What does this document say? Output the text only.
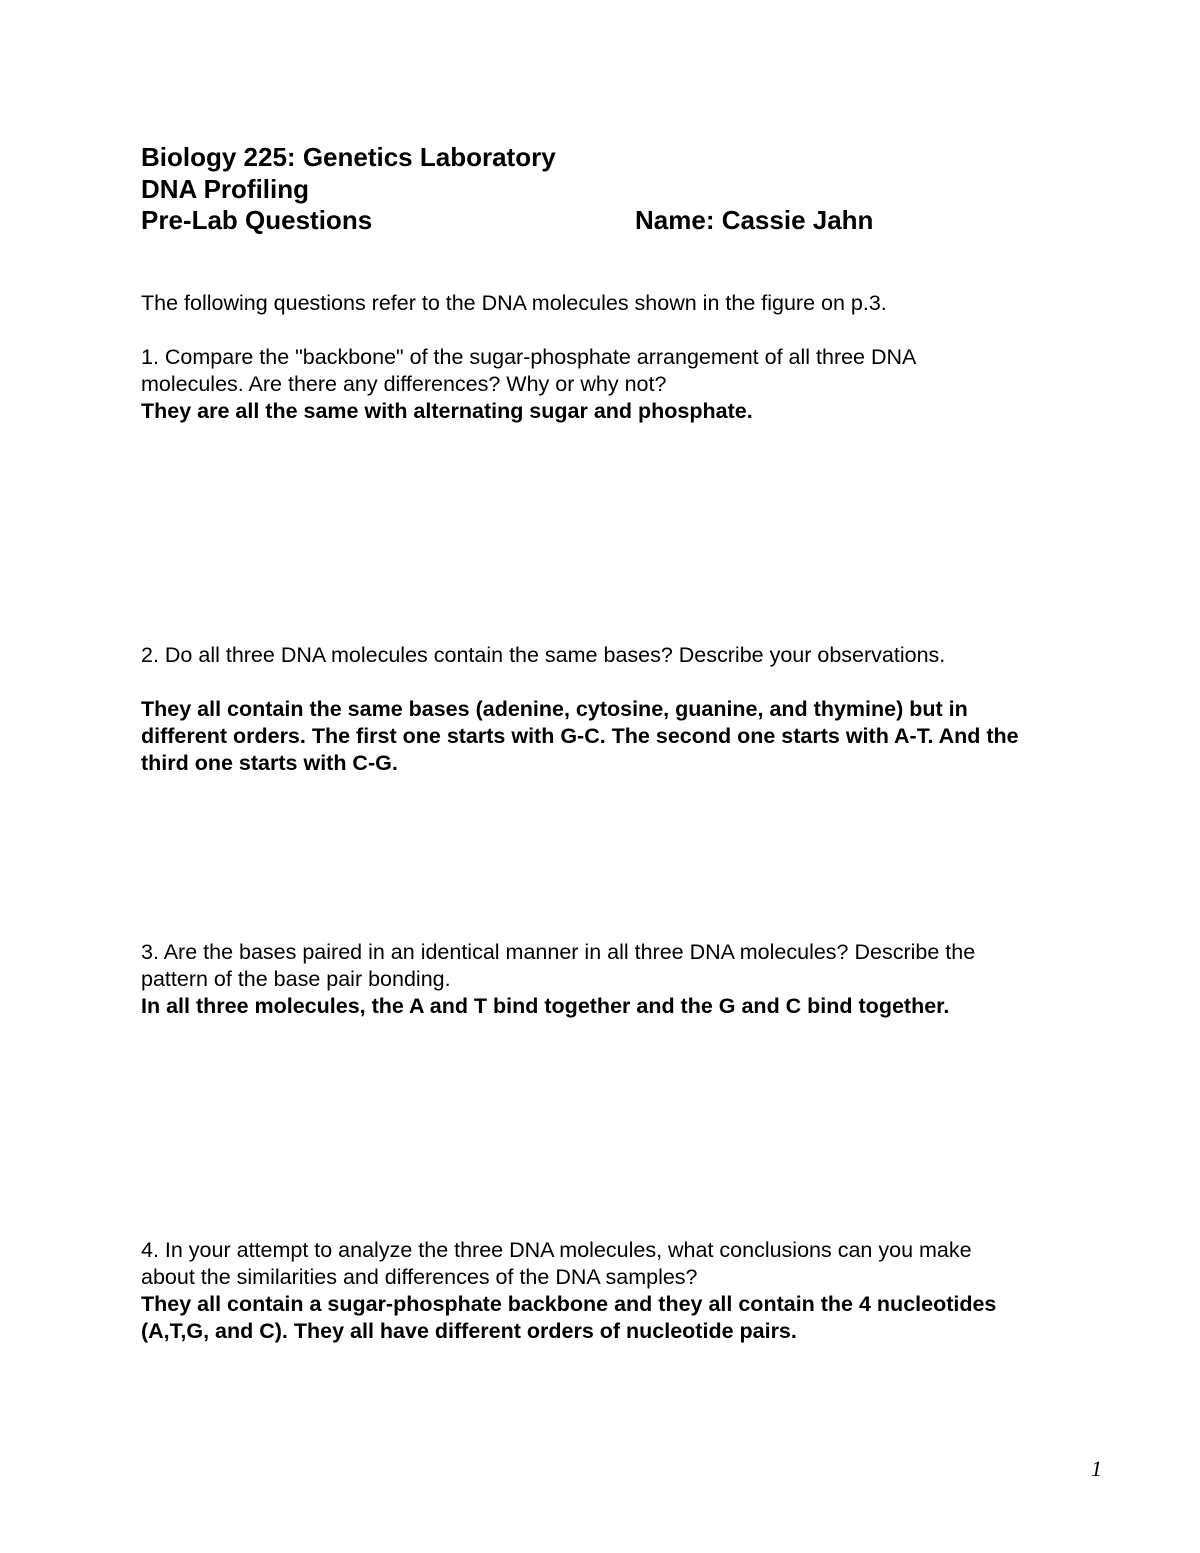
Biology 225: Genetics Laboratory
DNA Profiling
Pre-Lab Questions	Name: Cassie Jahn

The following questions refer to the DNA molecules shown in the figure on p.3.

1. Compare the "backbone" of the sugar-phosphate arrangement of all three DNA

molecules. Are there any differences? Why or why not?

They are all the same with alternating sugar and phosphate.

2. Do all three DNA molecules contain the same bases? Describe your observations.

They all contain the same bases (adenine, cytosine, guanine, and thymine) but in

different orders. The first one starts with G-C. The second one starts with A-T. And the

third one starts with C-G.

3. Are the bases paired in an identical manner in all three DNA molecules? Describe the

pattern of the base pair bonding.

In all three molecules, the A and T bind together and the G and C bind together.

4. In your attempt to analyze the three DNA molecules, what conclusions can you make

about the similarities and differences of the DNA samples?

They all contain a sugar-phosphate backbone and they all contain the 4 nucleotides

(A,T,G, and C). They all have different orders of nucleotide pairs.

1
